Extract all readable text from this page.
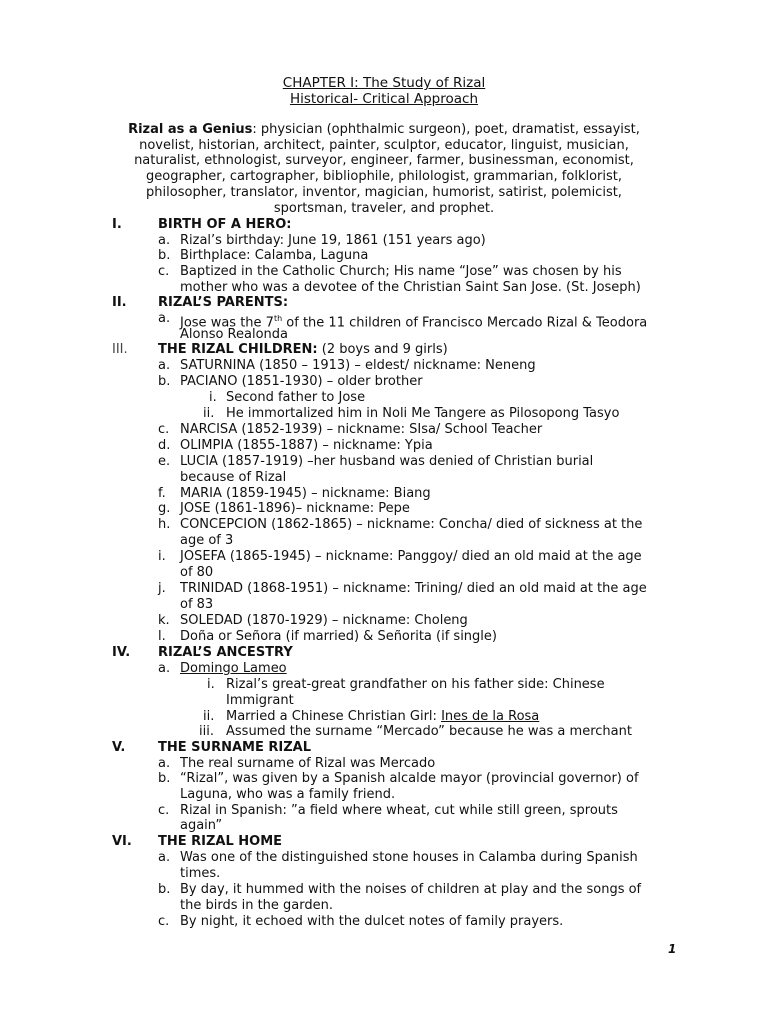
CHAPTER I: The Study of Rizal
Historical- Critical Approach
Rizal as a Genius: physician (ophthalmic surgeon), poet, dramatist, essayist, novelist, historian, architect, painter, sculptor, educator, linguist, musician, naturalist, ethnologist, surveyor, engineer, farmer, businessman, economist, geographer, cartographer, bibliophile, philologist, grammarian, folklorist, philosopher, translator, inventor, magician, humorist, satirist, polemicist, sportsman, traveler, and prophet.
I.	BIRTH OF A HERO:
a. Rizal’s birthday: June 19, 1861 (151 years ago)
b. Birthplace: Calamba, Laguna
c. Baptized in the Catholic Church; His name “Jose” was chosen by his
mother who was a devotee of the Christian Saint San Jose. (St. Joseph)
II. RIZAL’S PARENTS:
a. Jose was the 7th of the 11 children of Francisco Mercado Rizal & Teodora
Alonso Realonda
III. THE RIZAL CHILDREN: (2 boys and 9 girls)
a. SATURNINA (1850 – 1913) – eldest/ nickname: Neneng
b. PACIANO (1851-1930) – older brother
i. Second father to Jose
ii. He immortalized him in Noli Me Tangere as Pilosopong Tasyo
c. NARCISA (1852-1939) – nickname: SIsa/ School Teacher
d. OLIMPIA (1855-1887) – nickname: Ypia
e. LUCIA (1857-1919) –her husband was denied of Christian burial
because of Rizal
f. MARIA (1859-1945) – nickname: Biang
g. JOSE (1861-1896)– nickname: Pepe
h. CONCEPCION (1862-1865) – nickname: Concha/ died of sickness at the
age of 3
i. JOSEFA (1865-1945) – nickname: Panggoy/ died an old maid at the age
of 80
j. TRINIDAD (1868-1951) – nickname: Trining/ died an old maid at the age
of 83
k. SOLEDAD (1870-1929) – nickname: Choleng
l. Doña or Señora (if married) & Señorita (if single)
IV. RIZAL’S ANCESTRY
a. Domingo Lameo
i. Rizal’s great-great grandfather on his father side: Chinese
Immigrant
ii. Married a Chinese Christian Girl: Ines de la Rosa
iii. Assumed the surname “Mercado” because he was a merchant
V.	THE SURNAME RIZAL
a. The real surname of Rizal was Mercado
b. “Rizal”, was given by a Spanish alcalde mayor (provincial governor) of
Laguna, who was a family friend.
c. Rizal in Spanish: ”a field where wheat, cut while still green, sprouts
again”
VI. THE RIZAL HOME
a. Was one of the distinguished stone houses in Calamba during Spanish
times.
b. By day, it hummed with the noises of children at play and the songs of
the birds in the garden.
c. By night, it echoed with the dulcet notes of family prayers.
1
